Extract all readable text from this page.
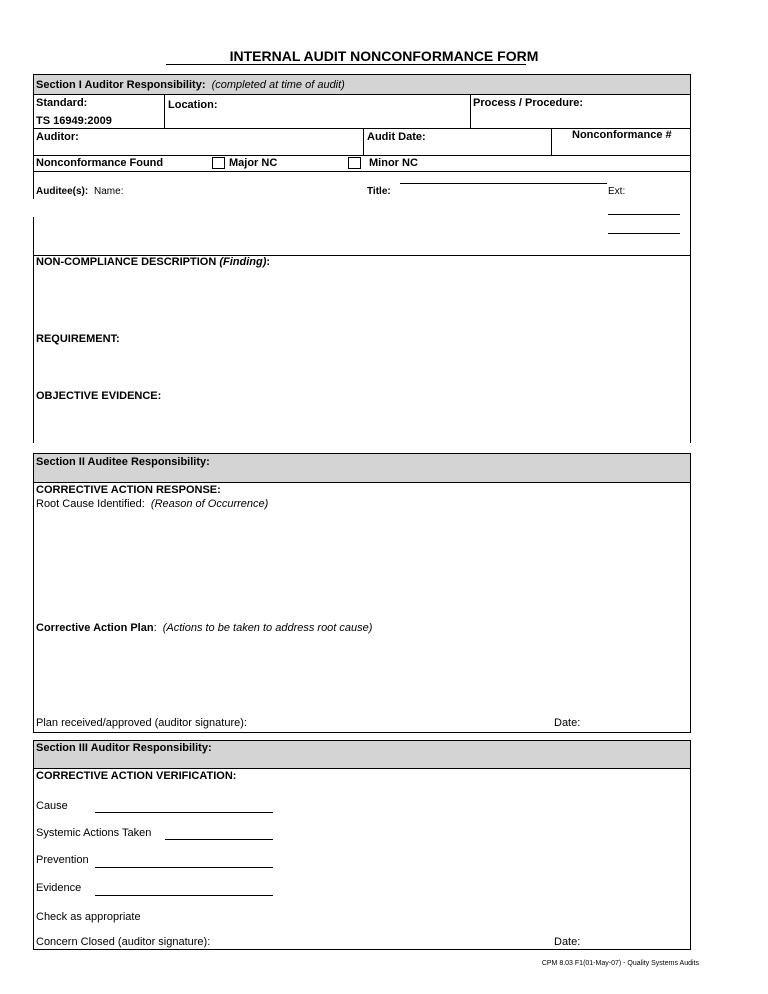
INTERNAL AUDIT NONCONFORMANCE FORM
Section I Auditor Responsibility: (completed at time of audit)
Standard:
TS 16949:2009
Location:	Process / Procedure:
Auditor:	Audit Date:	Nonconformance #
Nonconformance Found	Major NC	Minor NC
Auditee(s): Name:	Title:	Ext:
NON-COMPLIANCE DESCRIPTION (Finding):
REQUIREMENT:
OBJECTIVE EVIDENCE:
Section II Auditee Responsibility:
CORRECTIVE ACTION RESPONSE:
Root Cause Identified: (Reason of Occurrence)
Corrective Action Plan: (Actions to be taken to address root cause)
Plan received/approved (auditor signature):	Date:
Section III Auditor Responsibility:
CORRECTIVE ACTION VERIFICATION:
Cause
Systemic Actions Taken
Prevention
Evidence
Check as appropriate
Concern Closed (auditor signature):	Date:
CPM 8.03 F1(01-May-07) - Quality Systems Audits
